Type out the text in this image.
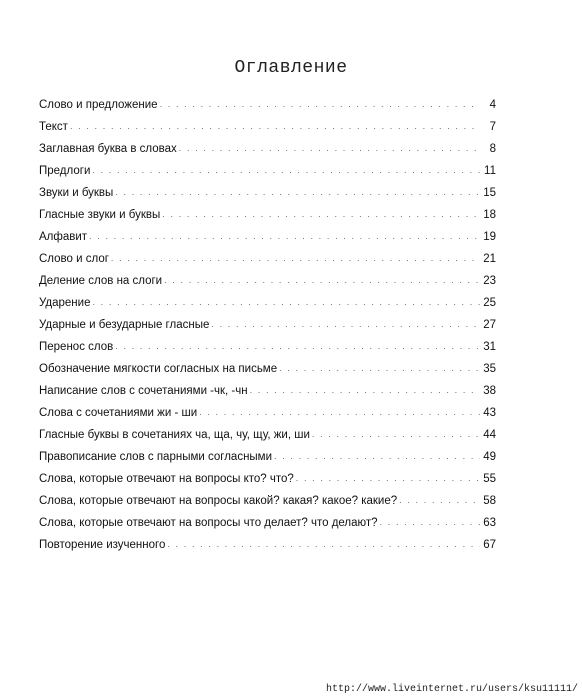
Оглавление
Слово и предложение . . .	4
Текст . . .	7
Заглавная буква в словах . . .	8
Предлоги . . .	11
Звуки и буквы . . .	15
Гласные звуки и буквы . . .	18
Алфавит . . .	19
Слово и слог . . .	21
Деление слов на слоги . . .	23
Ударение . . .	25
Ударные и безударные гласные . . .	27
Перенос слов . . .	31
Обозначение мягкости согласных на письме . . .	35
Написание слов с сочетаниями -чк, -чн . . .	38
Слова с сочетаниями жи - ши . . .	43
Гласные буквы в сочетаниях ча, ща, чу, щу, жи, ши . . .	44
Правописание слов с парными согласными . . .	49
Слова, которые отвечают на вопросы кто? что? . . .	55
Слова, которые отвечают на вопросы какой? какая? какое? какие? . . .	58
Слова, которые отвечают на вопросы что делает? что делают? . . .	63
Повторение изученного . . .	67
http://www.liveinternet.ru/users/ksu11111/
